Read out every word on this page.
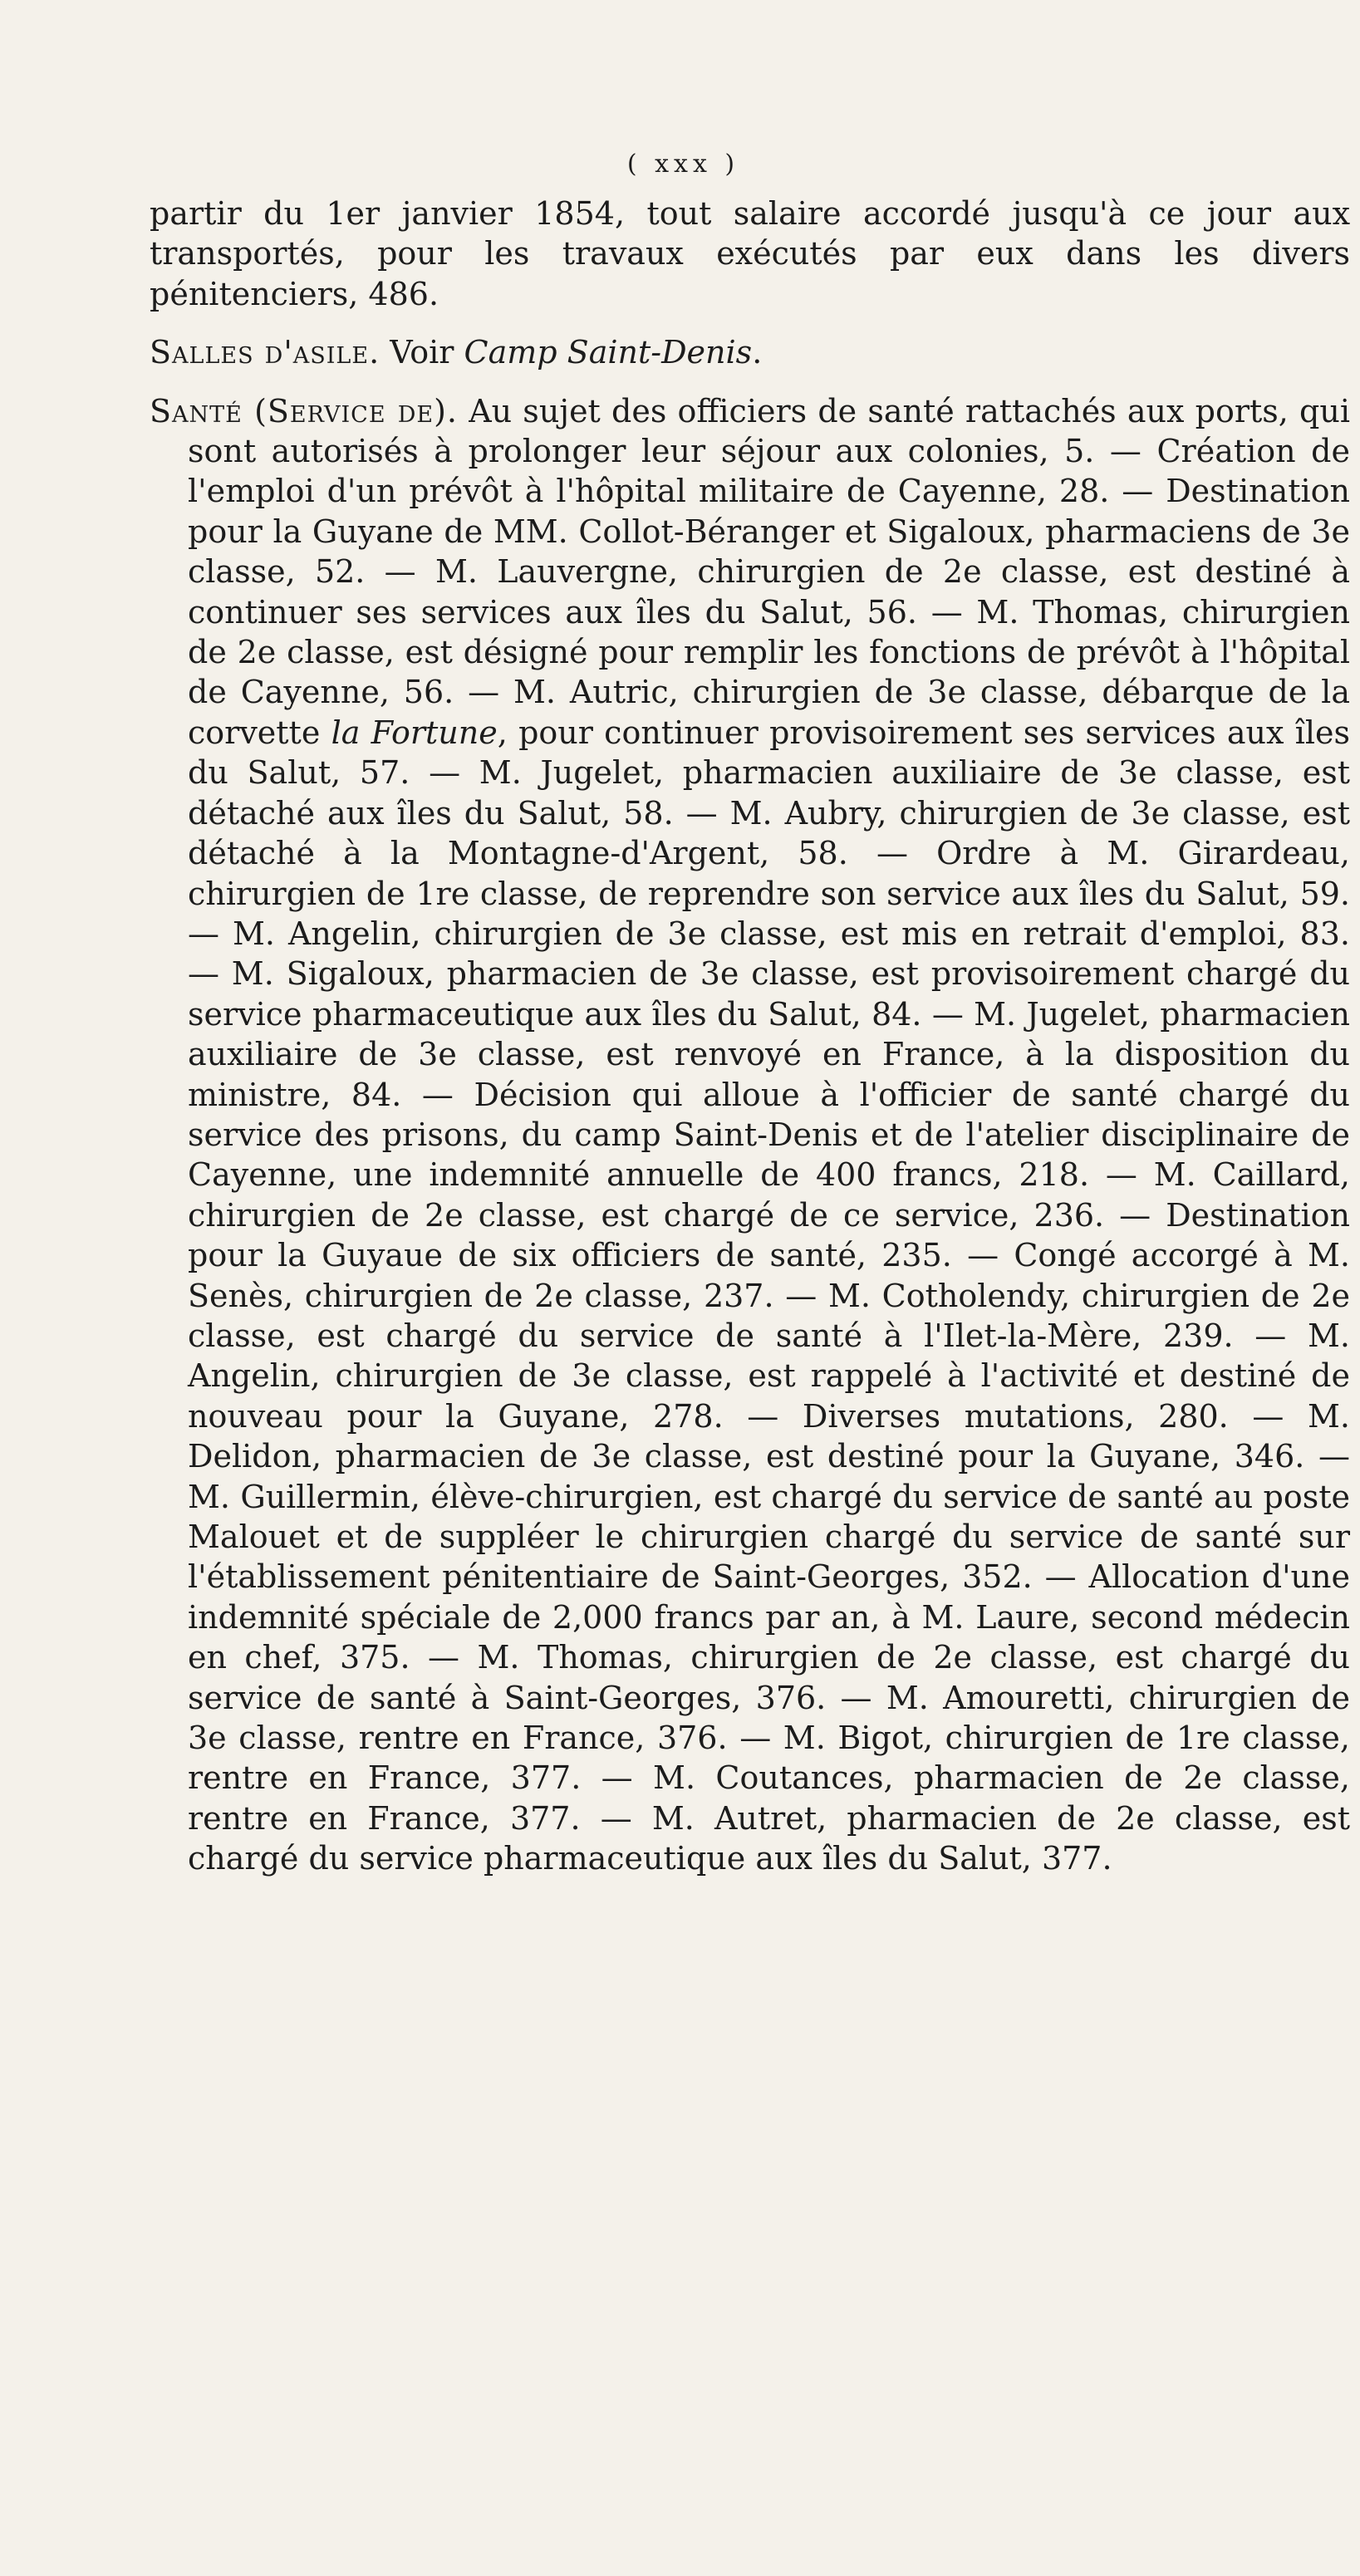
( xxx )

partir du 1er janvier 1854, tout salaire accordé jusqu'à ce jour aux transportés, pour les travaux exécutés par eux dans les divers pénitenciers, 486.

Salles d'asile. Voir Camp Saint-Denis.

Santé (Service de). Au sujet des officiers de santé rattachés aux ports, qui sont autorisés à prolonger leur séjour aux colonies, 5. — Création de l'emploi d'un prévôt à l'hôpital militaire de Cayenne, 28. — Destination pour la Guyane de MM. Collot-Béranger et Sigaloux, pharmaciens de 3e classe, 52. — M. Lauvergne, chirurgien de 2e classe, est destiné à continuer ses services aux îles du Salut, 56. — M. Thomas, chirurgien de 2e classe, est désigné pour remplir les fonctions de prévôt à l'hôpital de Cayenne, 56. — M. Autric, chirurgien de 3e classe, débarque de la corvette la Fortune, pour continuer provisoirement ses services aux îles du Salut, 57. — M. Jugelet, pharmacien auxiliaire de 3e classe, est détaché aux îles du Salut, 58. — M. Aubry, chirurgien de 3e classe, est détaché à la Montagne-d'Argent, 58. — Ordre à M. Girardeau, chirurgien de 1re classe, de reprendre son service aux îles du Salut, 59. — M. Angelin, chirurgien de 3e classe, est mis en retrait d'emploi, 83. — M. Sigaloux, pharmacien de 3e classe, est provisoirement chargé du service pharmaceutique aux îles du Salut, 84. — M. Jugelet, pharmacien auxiliaire de 3e classe, est renvoyé en France, à la disposition du ministre, 84. — Décision qui alloue à l'officier de santé chargé du service des prisons, du camp Saint-Denis et de l'atelier disciplinaire de Cayenne, une indemnité annuelle de 400 francs, 218. — M. Caillard, chirurgien de 2e classe, est chargé de ce service, 236. — Destination pour la Guyaue de six officiers de santé, 235. — Congé accorgé à M. Senès, chirurgien de 2e classe, 237. — M. Cotholendy, chirurgien de 2e classe, est chargé du service de santé à l'Ilet-la-Mère, 239. — M. Angelin, chirurgien de 3e classe, est rappelé à l'activité et destiné de nouveau pour la Guyane, 278. — Diverses mutations, 280. — M. Delidon, pharmacien de 3e classe, est destiné pour la Guyane, 346. — M. Guillermin, élève-chirurgien, est chargé du service de santé au poste Malouet et de suppléer le chirurgien chargé du service de santé sur l'établissement pénitentiaire de Saint-Georges, 352. — Allocation d'une indemnité spéciale de 2,000 francs par an, à M. Laure, second médecin en chef, 375. — M. Thomas, chirurgien de 2e classe, est chargé du service de santé à Saint-Georges, 376. — M. Amouretti, chirurgien de 3e classe, rentre en France, 376. — M. Bigot, chirurgien de 1re classe, rentre en France, 377. — M. Coutances, pharmacien de 2e classe, rentre en France, 377. — M. Autret, pharmacien de 2e classe, est chargé du service pharmaceutique aux îles du Salut, 377.
